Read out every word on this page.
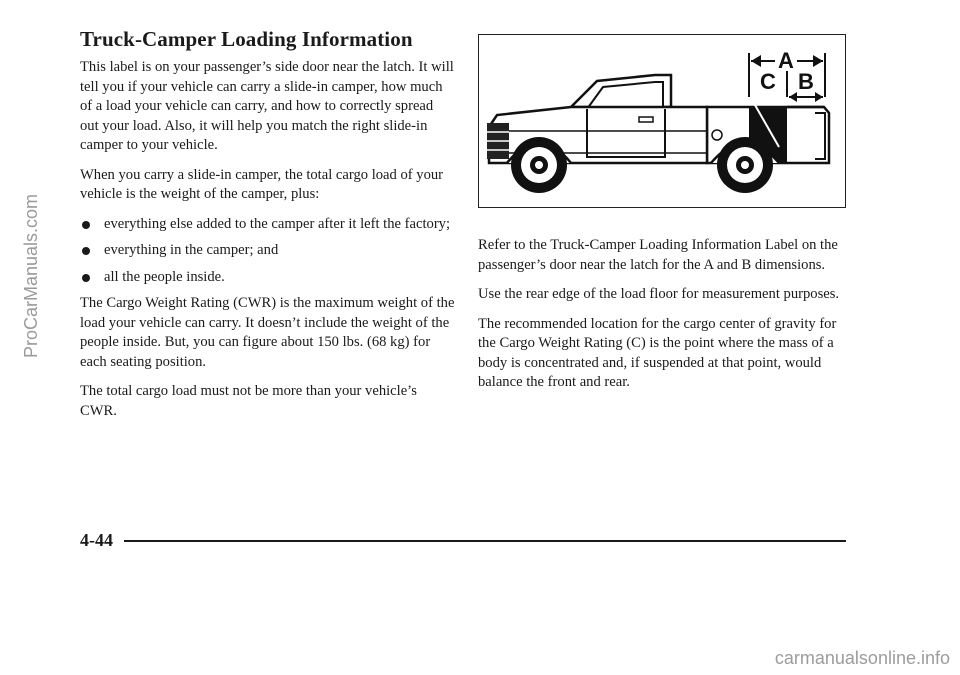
Truck-Camper Loading Information

This label is on your passenger’s side door near the latch. It will tell you if your vehicle can carry a slide-in camper, how much of a load your vehicle can carry, and how to correctly spread out your load. Also, it will help you match the right slide-in camper to your vehicle.

When you carry a slide-in camper, the total cargo load of your vehicle is the weight of the camper, plus:

everything else added to the camper after it left the factory;
everything in the camper; and
all the people inside.

The Cargo Weight Rating (CWR) is the maximum weight of the load your vehicle can carry. It doesn’t include the weight of the people inside. But, you can figure about 150 lbs. (68 kg) for each seating position.

The total cargo load must not be more than your vehicle’s CWR.

A
C B

Refer to the Truck-Camper Loading Information Label on the passenger’s door near the latch for the A and B dimensions.

Use the rear edge of the load floor for measurement purposes.

The recommended location for the cargo center of gravity for the Cargo Weight Rating (C) is the point where the mass of a body is concentrated and, if suspended at that point, would balance the front and rear.

4-44
ProCarManuals.com
carmanualsonline.info
